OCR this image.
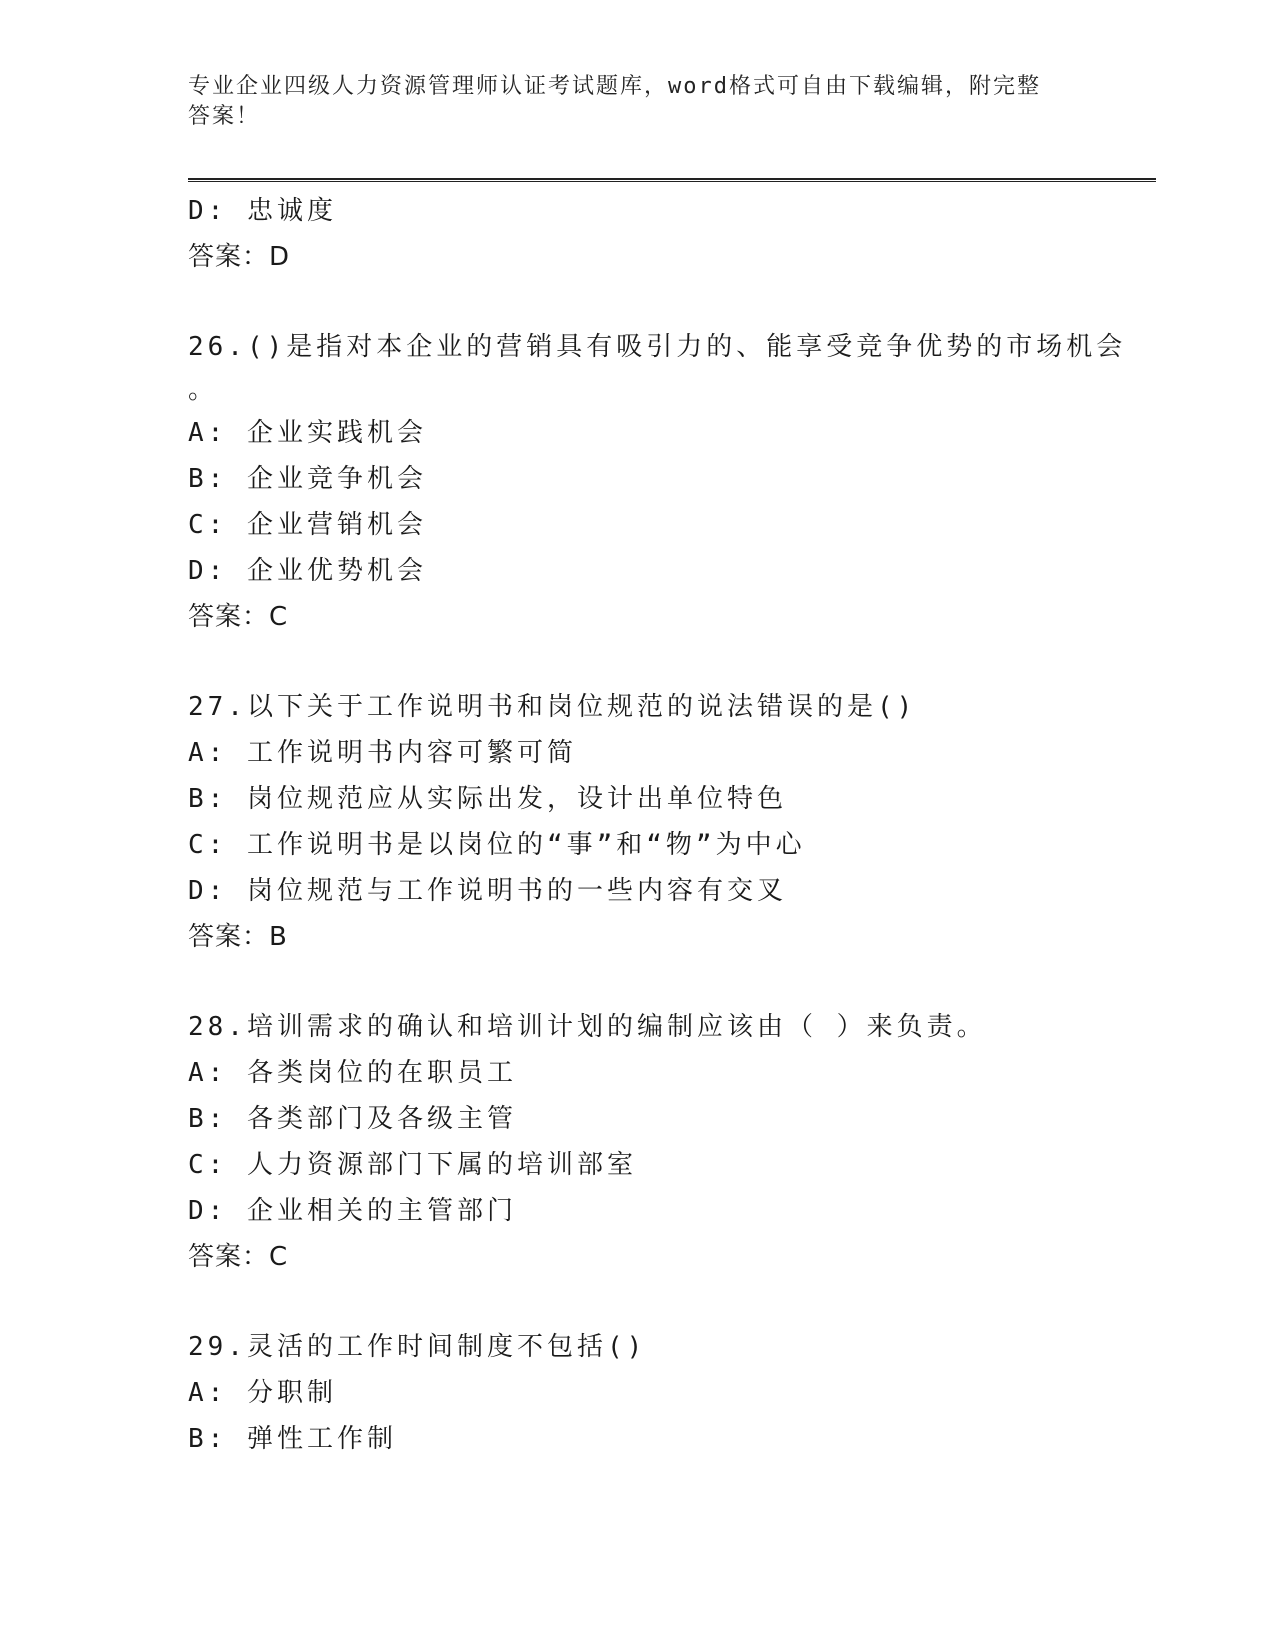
专业企业四级人力资源管理师认证考试题库，word格式可自由下载编辑，附完整
答案！
D: 忠诚度
答案：D
26.()是指对本企业的营销具有吸引力的、能享受竞争优势的市场机会
。
A: 企业实践机会
B: 企业竞争机会
C: 企业营销机会
D: 企业优势机会
答案：C
27.以下关于工作说明书和岗位规范的说法错误的是()
A: 工作说明书内容可繁可简
B: 岗位规范应从实际出发，设计出单位特色
C: 工作说明书是以岗位的“事”和“物”为中心
D: 岗位规范与工作说明书的一些内容有交叉
答案：B
28.培训需求的确认和培训计划的编制应该由（ ）来负责。
A: 各类岗位的在职员工
B: 各类部门及各级主管
C: 人力资源部门下属的培训部室
D: 企业相关的主管部门
答案：C
29.灵活的工作时间制度不包括()
A: 分职制
B: 弹性工作制
